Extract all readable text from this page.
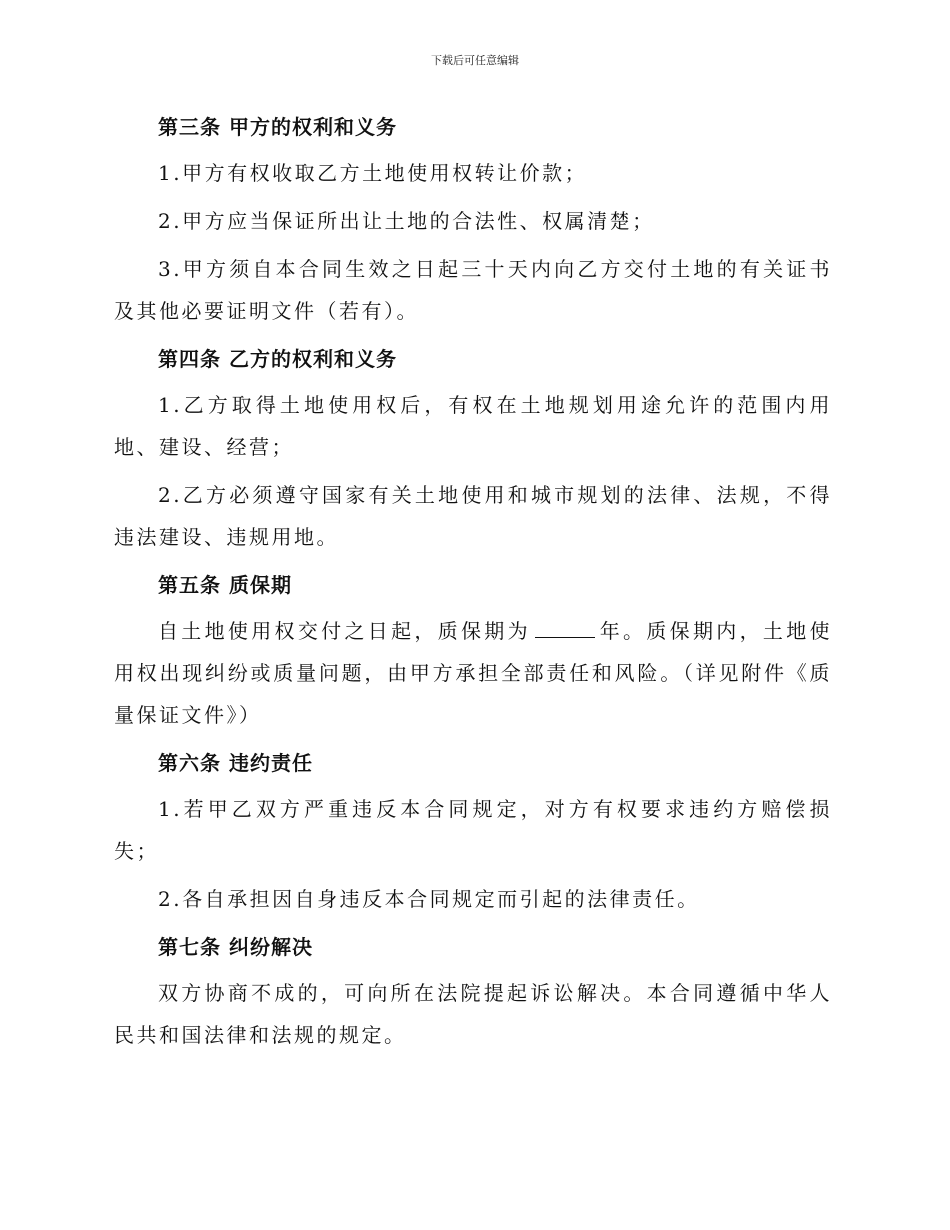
下载后可任意编辑
第三条 甲方的权利和义务

1.甲方有权收取乙方土地使用权转让价款；

2.甲方应当保证所出让土地的合法性、权属清楚；

3.甲方须自本合同生效之日起三十天内向乙方交付土地的有关证书及其他必要证明文件（若有）。

第四条 乙方的权利和义务

1.乙方取得土地使用权后，有权在土地规划用途允许的范围内用地、建设、经营；

2.乙方必须遵守国家有关土地使用和城市规划的法律、法规，不得违法建设、违规用地。

第五条 质保期

自土地使用权交付之日起，质保期为	年。质保期内，土地使用权出现纠纷或质量问题，由甲方承担全部责任和风险。（详见附件《质量保证文件》）

第六条 违约责任

1.若甲乙双方严重违反本合同规定，对方有权要求违约方赔偿损失；

2.各自承担因自身违反本合同规定而引起的法律责任。

第七条 纠纷解决

双方协商不成的，可向所在法院提起诉讼解决。本合同遵循中华人民共和国法律和法规的规定。
